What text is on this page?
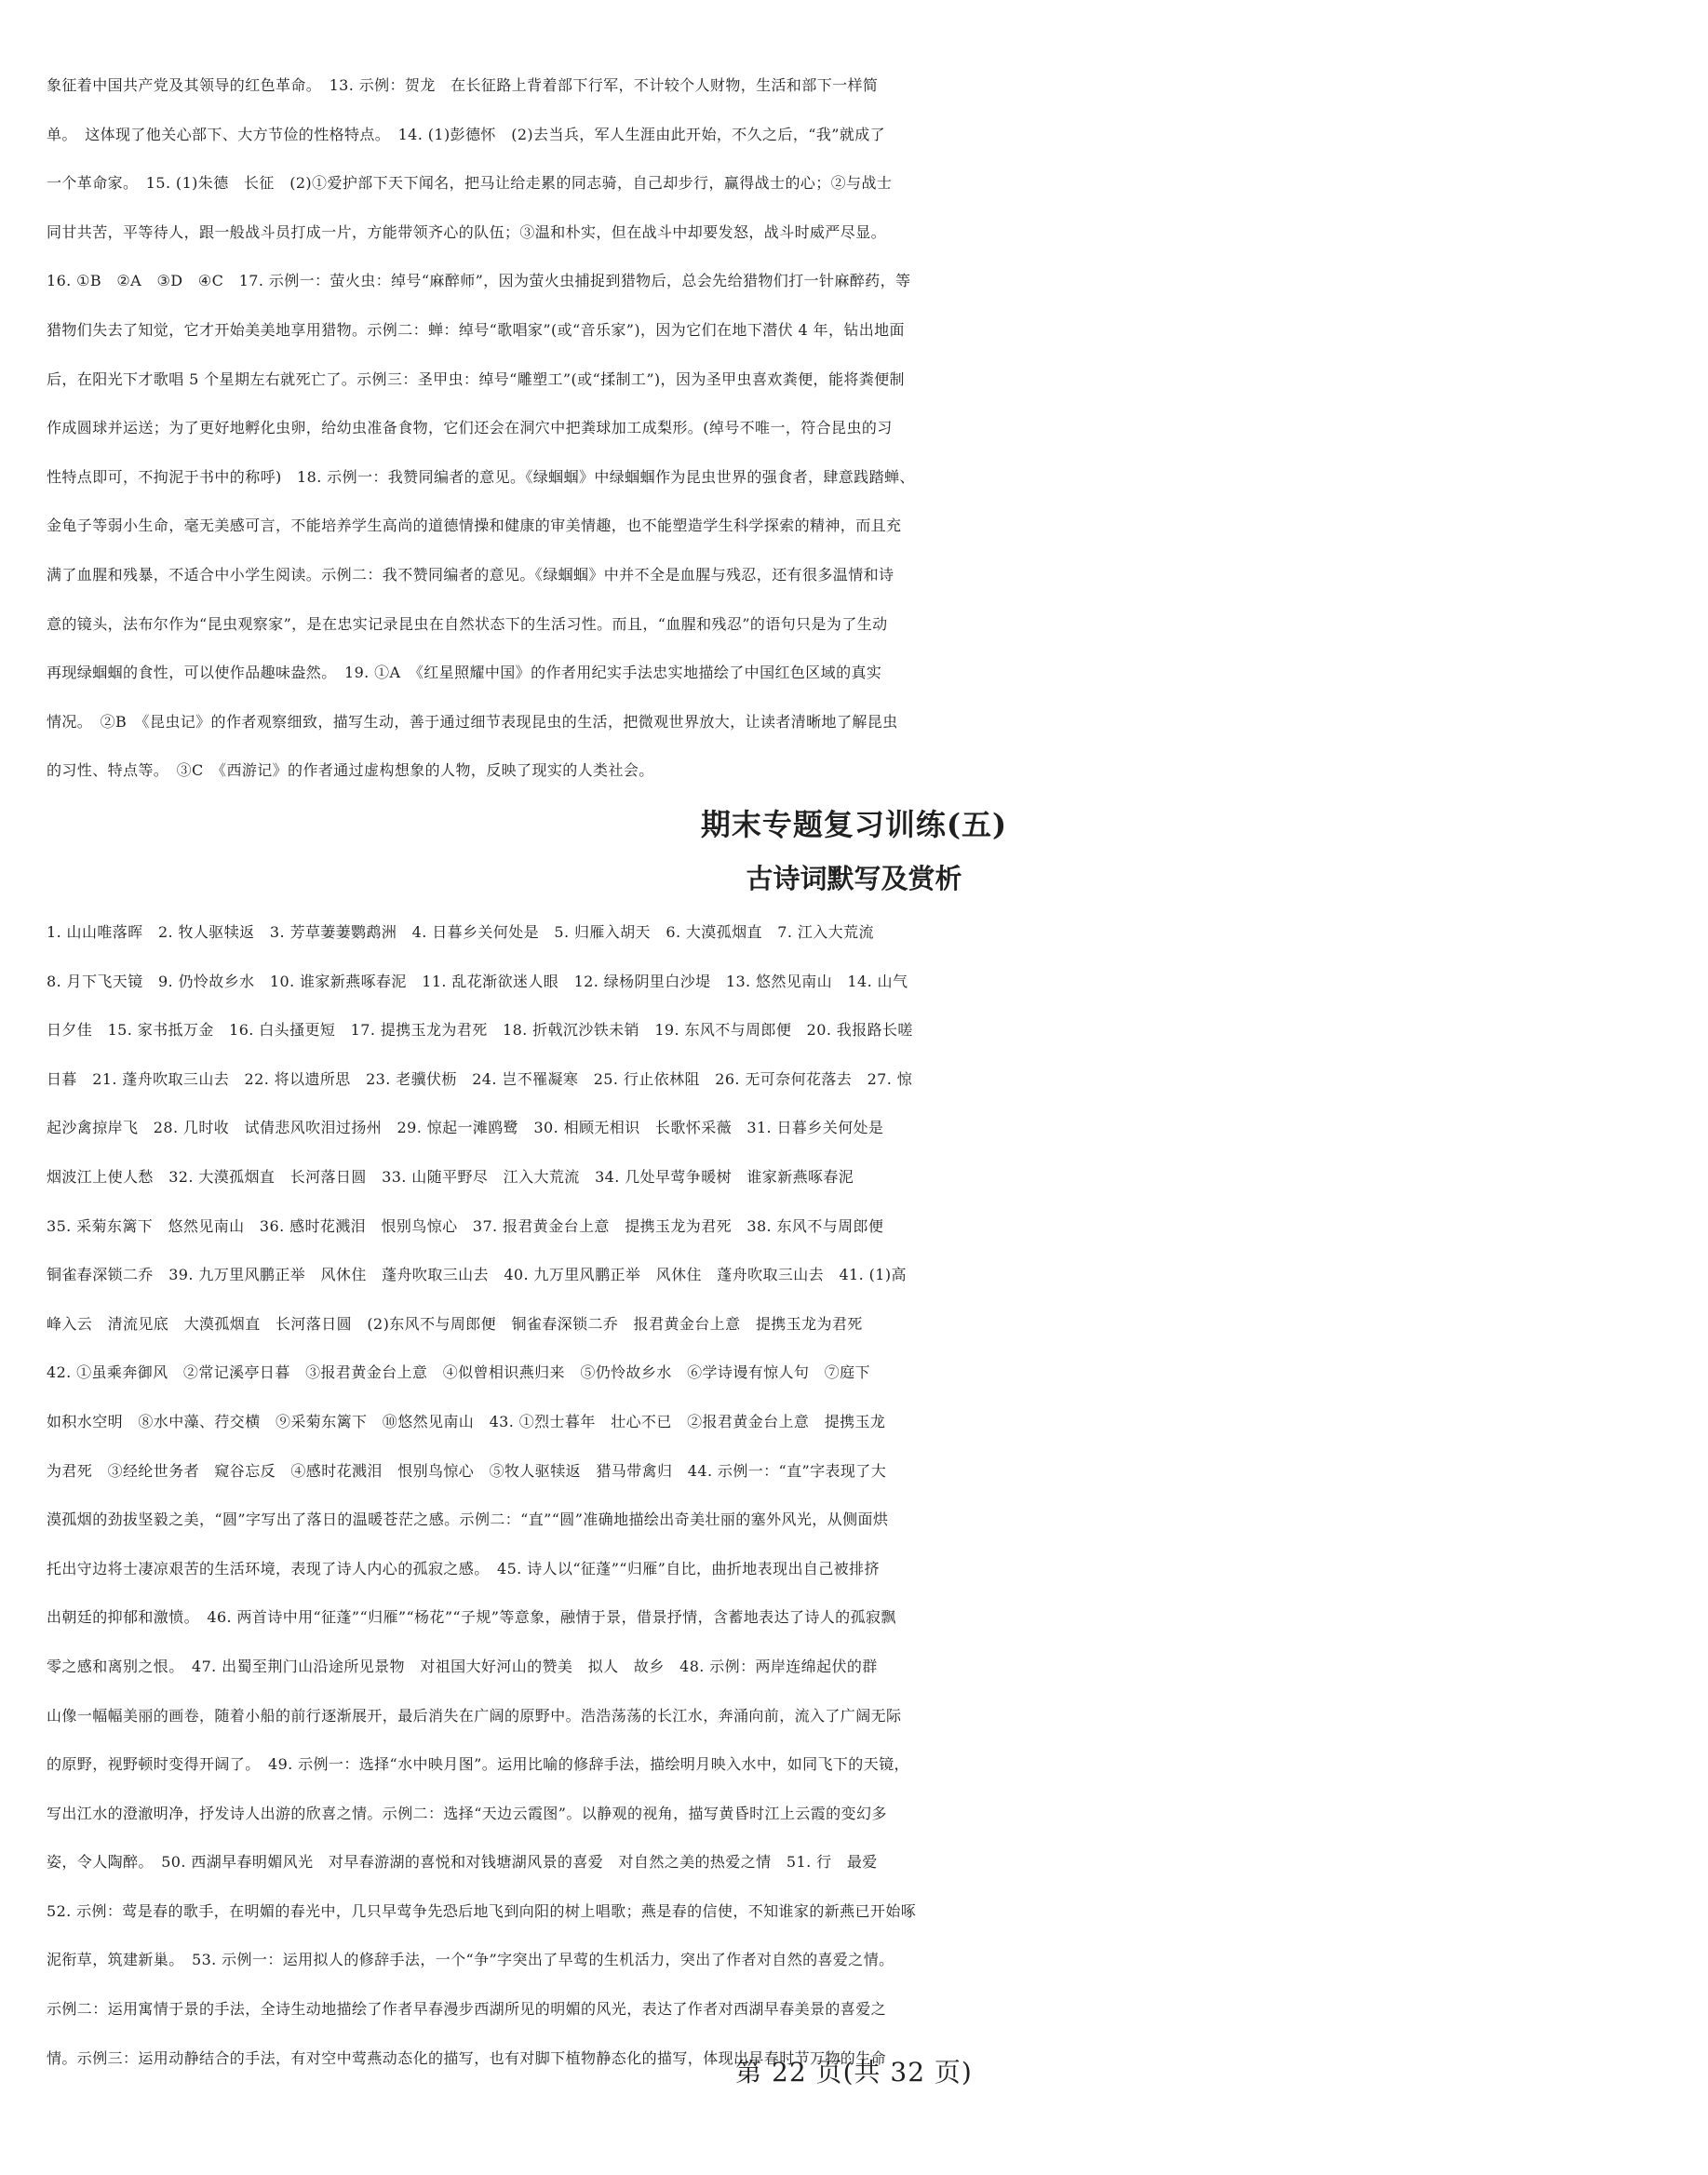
象征着中国共产党及其领导的红色革命。　13. 示例：贺龙　在长征路上背着部下行军，不计较个人财物，生活和部下一样简

单。　这体现了他关心部下、大方节俭的性格特点。　14. (1)彭德怀　(2)去当兵，军人生涯由此开始，不久之后，“我”就成了

一个革命家。　15. (1)朱德　长征　(2)①爱护部下天下闻名，把马让给走累的同志骑，自己却步行，赢得战士的心；②与战士

同甘共苦，平等待人，跟一般战斗员打成一片，方能带领齐心的队伍；③温和朴实，但在战斗中却要发怒，战斗时威严尽显。

16. ①B　②A　③D　④C　17. 示例一：萤火虫：绰号“麻醉师”，因为萤火虫捕捉到猎物后，总会先给猎物们打一针麻醉药，等

猎物们失去了知觉，它才开始美美地享用猎物。示例二：蝉：绰号“歌唱家”(或“音乐家”)，因为它们在地下潜伏 4 年，钻出地面

后，在阳光下才歌唱 5 个星期左右就死亡了。示例三：圣甲虫：绰号“雕塑工”(或“揉制工”)，因为圣甲虫喜欢粪便，能将粪便制

作成圆球并运送；为了更好地孵化虫卵，给幼虫准备食物，它们还会在洞穴中把粪球加工成梨形。(绰号不唯一，符合昆虫的习

性特点即可，不拘泥于书中的称呼)　18. 示例一：我赞同编者的意见。《绿蝈蝈》中绿蝈蝈作为昆虫世界的强食者，肆意践踏蝉、

金龟子等弱小生命，毫无美感可言，不能培养学生高尚的道德情操和健康的审美情趣，也不能塑造学生科学探索的精神，而且充

满了血腥和残暴，不适合中小学生阅读。示例二：我不赞同编者的意见。《绿蝈蝈》中并不全是血腥与残忍，还有很多温情和诗

意的镜头，法布尔作为“昆虫观察家”，是在忠实记录昆虫在自然状态下的生活习性。而且，“血腥和残忍”的语句只是为了生动

再现绿蝈蝈的食性，可以使作品趣味盎然。　19. ①A　《红星照耀中国》的作者用纪实手法忠实地描绘了中国红色区域的真实

情况。　②B　《昆虫记》的作者观察细致，描写生动，善于通过细节表现昆虫的生活，把微观世界放大，让读者清晰地了解昆虫

的习性、特点等。　③C　《西游记》的作者通过虚构想象的人物，反映了现实的人类社会。

期末专题复习训练(五)
古诗词默写及赏析

1. 山山唯落晖　2. 牧人驱犊返　3. 芳草萋萋鹦鹉洲　4. 日暮乡关何处是　5. 归雁入胡天　6. 大漠孤烟直　7. 江入大荒流

8. 月下飞天镜　9. 仍怜故乡水　10. 谁家新燕啄春泥　11. 乱花渐欲迷人眼　12. 绿杨阴里白沙堤　13. 悠然见南山　14. 山气

日夕佳　15. 家书抵万金　16. 白头搔更短　17. 提携玉龙为君死　18. 折戟沉沙铁未销　19. 东风不与周郎便　20. 我报路长嗟

日暮　21. 蓬舟吹取三山去　22. 将以遗所思　23. 老骥伏枥　24. 岂不罹凝寒　25. 行止依林阻　26. 无可奈何花落去　27. 惊

起沙禽掠岸飞　28. 几时收　试倩悲风吹泪过扬州　29. 惊起一滩鸥鹭　30. 相顾无相识　长歌怀采薇　31. 日暮乡关何处是

烟波江上使人愁　32. 大漠孤烟直　长河落日圆　33. 山随平野尽　江入大荒流　34. 几处早莺争暖树　谁家新燕啄春泥

35. 采菊东篱下　悠然见南山　36. 感时花溅泪　恨别鸟惊心　37. 报君黄金台上意　提携玉龙为君死　38. 东风不与周郎便

铜雀春深锁二乔　39. 九万里风鹏正举　风休住　蓬舟吹取三山去　40. 九万里风鹏正举　风休住　蓬舟吹取三山去　41. (1)高

峰入云　清流见底　大漠孤烟直　长河落日圆　(2)东风不与周郎便　铜雀春深锁二乔　报君黄金台上意　提携玉龙为君死

42. ①虽乘奔御风　②常记溪亭日暮　③报君黄金台上意　④似曾相识燕归来　⑤仍怜故乡水　⑥学诗谩有惊人句　⑦庭下

如积水空明　⑧水中藻、荇交横　⑨采菊东篱下　⑩悠然见南山　43. ①烈士暮年　壮心不已　②报君黄金台上意　提携玉龙

为君死　③经纶世务者　窥谷忘反　④感时花溅泪　恨别鸟惊心　⑤牧人驱犊返　猎马带禽归　44. 示例一：“直”字表现了大

漠孤烟的劲拔坚毅之美，“圆”字写出了落日的温暖苍茫之感。示例二：“直”“圆”准确地描绘出奇美壮丽的塞外风光，从侧面烘

托出守边将士凄凉艰苦的生活环境，表现了诗人内心的孤寂之感。　45. 诗人以“征蓬”“归雁”自比，曲折地表现出自己被排挤

出朝廷的抑郁和激愤。　46. 两首诗中用“征蓬”“归雁”“杨花”“子规”等意象，融情于景，借景抒情，含蓄地表达了诗人的孤寂飘

零之感和离别之恨。　47. 出蜀至荆门山沿途所见景物　对祖国大好河山的赞美　拟人　故乡　48. 示例：两岸连绵起伏的群

山像一幅幅美丽的画卷，随着小船的前行逐渐展开，最后消失在广阔的原野中。浩浩荡荡的长江水，奔涌向前，流入了广阔无际

的原野，视野顿时变得开阔了。　49. 示例一：选择“水中映月图”。运用比喻的修辞手法，描绘明月映入水中，如同飞下的天镜，

写出江水的澄澈明净，抒发诗人出游的欣喜之情。示例二：选择“天边云霞图”。以静观的视角，描写黄昏时江上云霞的变幻多

姿，令人陶醉。　50. 西湖早春明媚风光　对早春游湖的喜悦和对钱塘湖风景的喜爱　对自然之美的热爱之情　51. 行　最爱

52. 示例：莺是春的歌手，在明媚的春光中，几只早莺争先恐后地飞到向阳的树上唱歌；燕是春的信使，不知谁家的新燕已开始啄

泥衔草，筑建新巢。　53. 示例一：运用拟人的修辞手法，一个“争”字突出了早莺的生机活力，突出了作者对自然的喜爱之情。

示例二：运用寓情于景的手法，全诗生动地描绘了作者早春漫步西湖所见的明媚的风光，表达了作者对西湖早春美景的喜爱之

情。示例三：运用动静结合的手法，有对空中莺燕动态化的描写，也有对脚下植物静态化的描写，体现出早春时节万物的生命

第 22 页(共 32 页)
